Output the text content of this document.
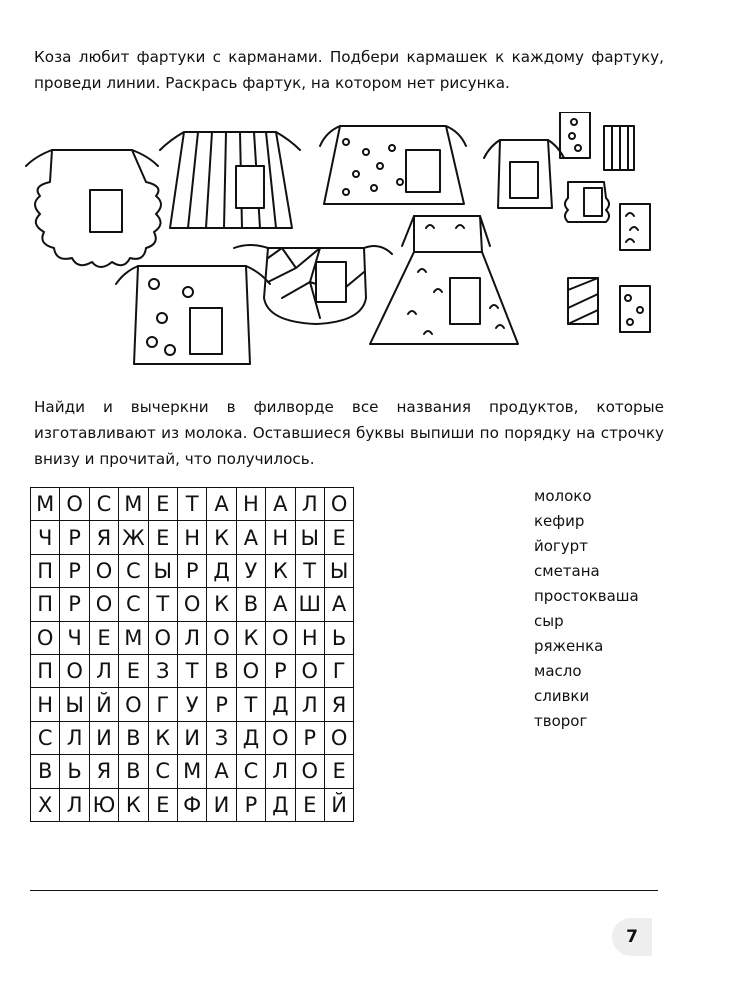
Коза любит фартуки с карманами. Подбери кармашек к каждому фартуку, проведи линии. Раскрась фартук, на котором нет рисунка.

Найди и вычеркни в филворде все названия продуктов, которые изготавливают из молока. Оставшиеся буквы выпиши по порядку на строчку внизу и прочитай, что получилось.

М	О	С	М	Е	Т	А	Н	А	Л	О
Ч	Р	Я	Ж	Е	Н	К	А	Н	Ы	Е
П	Р	О	С	Ы	Р	Д	У	К	Т	Ы
П	Р	О	С	Т	О	К	В	А	Ш	А
О	Ч	Е	М	О	Л	О	К	О	Н	Ь
П	О	Л	Е	З	Т	В	О	Р	О	Г
Н	Ы	Й	О	Г	У	Р	Т	Д	Л	Я
С	Л	И	В	К	И	З	Д	О	Р	О
В	Ь	Я	В	С	М	А	С	Л	О	Е
Х	Л	Ю	К	Е	Ф	И	Р	Д	Е	Й
молоко
кефир
йогурт
сметана
простокваша
сыр
ряженка
масло
сливки
творог
7
